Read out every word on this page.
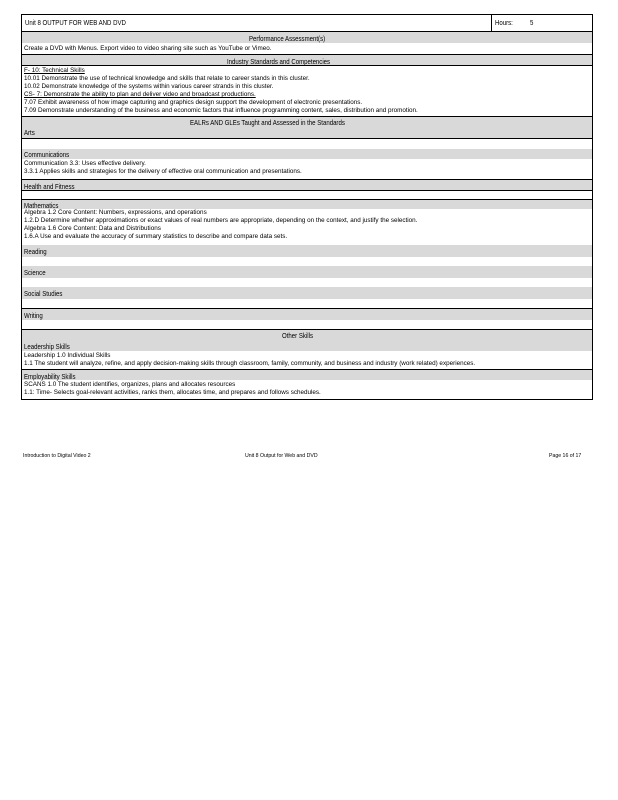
Unit 8 OUTPUT FOR WEB AND DVD	Hours: 5
Performance Assessment(s)
Create a DVD with Menus. Export video to video sharing site such as YouTube or Vimeo.
Industry Standards and Competencies
F- 10: Technical Skills
10.01 Demonstrate the use of technical knowledge and skills that relate to career stands in this cluster.
10.02 Demonstrate knowledge of the systems within various career strands in this cluster.
CS- 7: Demonstrate the ability to plan and deliver video and broadcast productions.
7.07 Exhibit awareness of how image capturing and graphics design support the development of electronic presentations.
7.09 Demonstrate understanding of the business and economic factors that influence programming content, sales, distribution and promotion.
EALRs AND GLEs Taught and Assessed in the Standards
Arts
Communications
Communication 3.3: Uses effective delivery.
3.3.1 Applies skills and strategies for the delivery of effective oral communication and presentations.
Health and Fitness
Mathematics
Algebra 1.2 Core Content: Numbers, expressions, and operations
1.2.D Determine whether approximations or exact values of real numbers are appropriate, depending on the context, and justify the selection.
Algebra 1.6 Core Content: Data and Distributions
1.6.A Use and evaluate the accuracy of summary statistics to describe and compare data sets.
Reading
Science
Social Studies
Writing
Other Skills
Leadership Skills
Leadership 1.0 Individual Skills
1.1 The student will analyze, refine, and apply decision-making skills through classroom, family, community, and business and industry (work related) experiences.
Employability Skills
SCANS 1.0 The student identifies, organizes, plans and allocates resources
1.1: Time- Selects goal-relevant activities, ranks them, allocates time, and prepares and follows schedules.
Introduction to Digital Video 2	Unit 8 Output for Web and DVD	Page 16 of 17
